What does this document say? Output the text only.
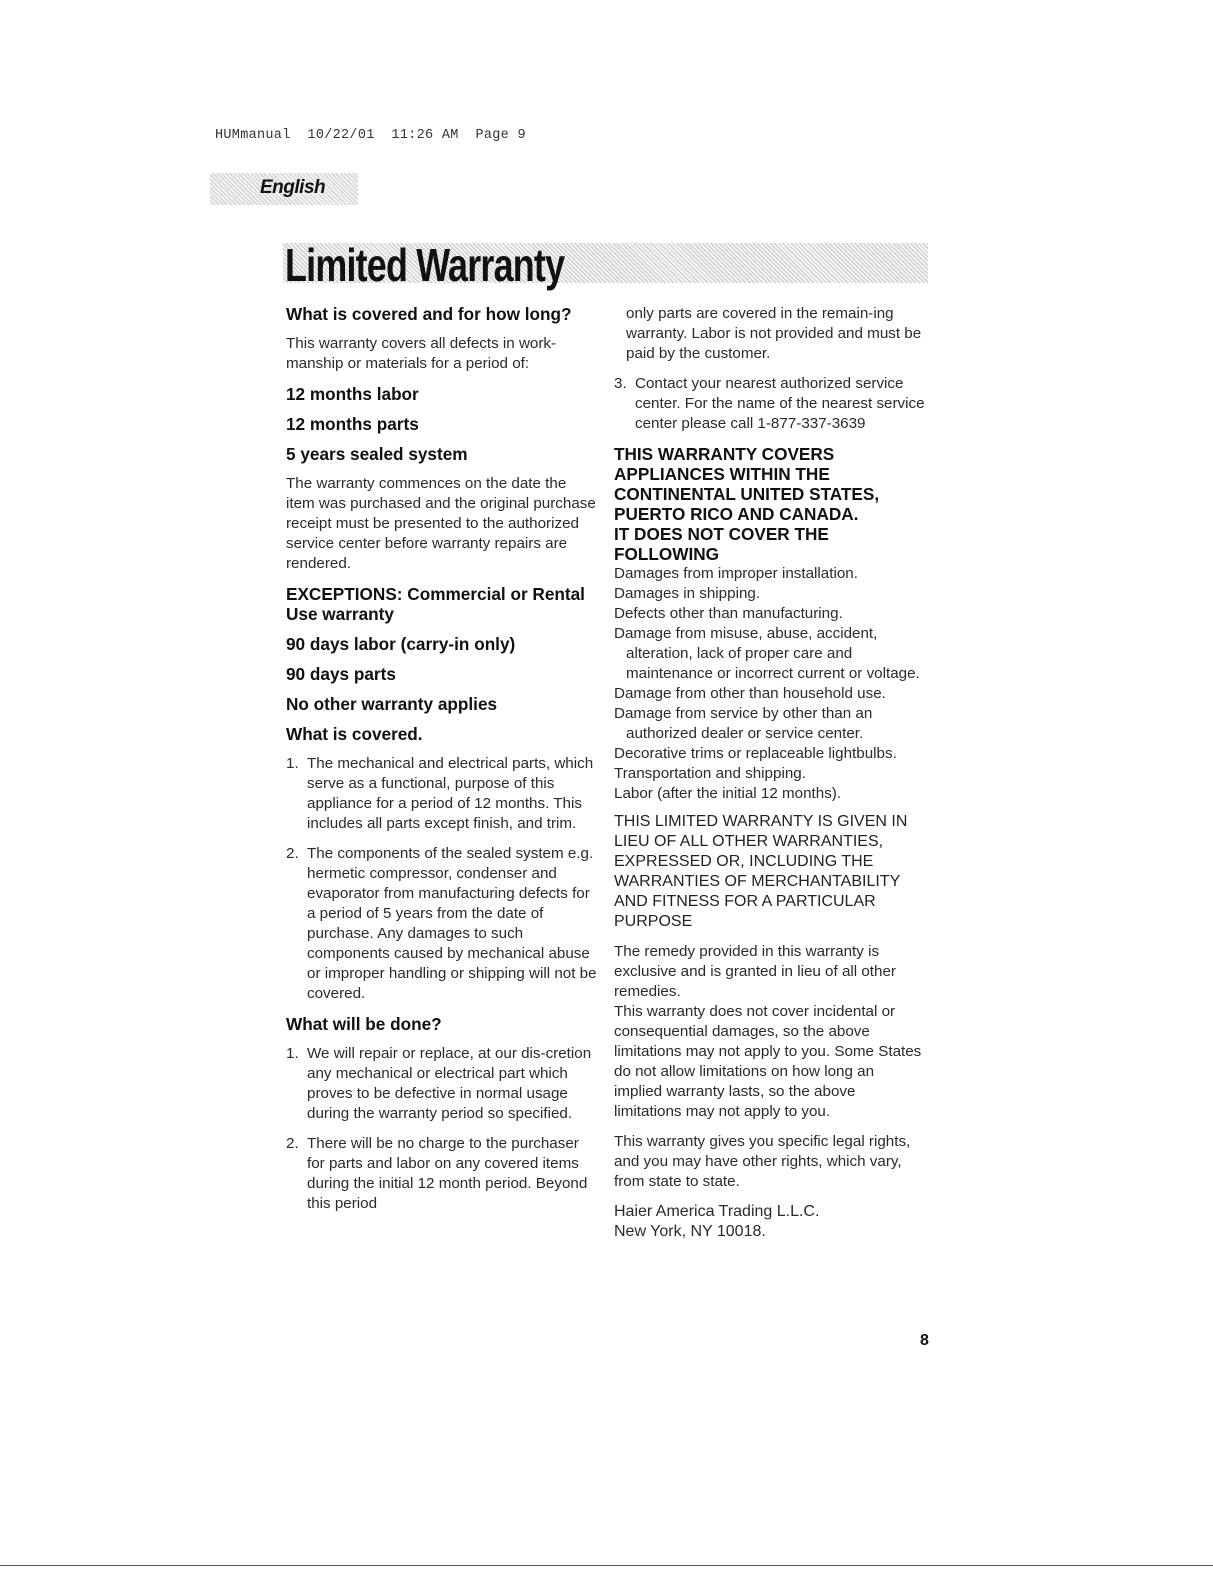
HUMmanual  10/22/01  11:26 AM  Page 9
English
Limited Warranty

What is covered and for how long?

This warranty covers all defects in work-manship or materials for a period of:

12 months labor

12 months parts

5 years sealed system

The warranty commences on the date the item was purchased and the original purchase receipt must be presented to the authorized service center before warranty repairs are rendered.

EXCEPTIONS: Commercial or Rental Use warranty

90 days labor (carry-in only)

90 days parts

No other warranty applies

What is covered.

1. The mechanical and electrical parts, which serve as a functional, purpose of this appliance for a period of 12 months. This includes all parts except finish, and trim.

2. The components of the sealed system e.g. hermetic compressor, condenser and evaporator from manufacturing defects for a period of 5 years from the date of purchase. Any damages to such components caused by mechanical abuse or improper handling or shipping will not be covered.

What will be done?

1. We will repair or replace, at our dis-cretion any mechanical or electrical part which proves to be defective in normal usage during the warranty period so specified.

2. There will be no charge to the purchaser for parts and labor on any covered items during the initial 12 month period. Beyond this period

only parts are covered in the remain-ing warranty. Labor is not provided and must be paid by the customer.

3. Contact your nearest authorized service center. For the name of the nearest service center please call 1-877-337-3639

THIS WARRANTY COVERS APPLIANCES WITHIN THE CONTINENTAL UNITED STATES, PUERTO RICO AND CANADA.

IT DOES NOT COVER THE FOLLOWING

Damages from improper installation.

Damages in shipping.

Defects other than manufacturing.

Damage from misuse, abuse, accident, alteration, lack of proper care and maintenance or incorrect current or voltage.

Damage from other than household use.

Damage from service by other than an authorized dealer or service center.

Decorative trims or replaceable lightbulbs.

Transportation and shipping.

Labor (after the initial 12 months).

THIS LIMITED WARRANTY IS GIVEN IN LIEU OF ALL OTHER WARRANTIES, EXPRESSED OR, INCLUDING THE WARRANTIES OF MERCHANTABILITY AND FITNESS FOR A PARTICULAR PURPOSE

The remedy provided in this warranty is exclusive and is granted in lieu of all other remedies.

This warranty does not cover incidental or consequential damages, so the above limitations may not apply to you. Some States do not allow limitations on how long an implied warranty lasts, so the above limitations may not apply to you.

This warranty gives you specific legal rights, and you may have other rights, which vary, from state to state.

Haier America Trading L.L.C.

New York, NY 10018.

8
